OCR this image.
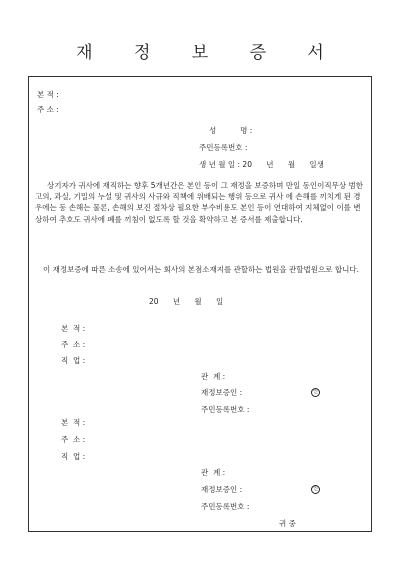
재 정 보 증 서
본 적 :
주 소 :
성          명 :
주민등록번호 :
생 년 월 일 : 20      년      월      일생
상기자가 귀사에 재직하는 향후 5개년간은 본인 등이 그 재정을 보증하며 만일 동인이직무상 범한 고의, 과실, 기밀의 누설 및 귀사의 사규와 직책에 위배되는 행위 등으로 귀사 에 손해를 끼치게 된 경우에는 동 손해는 물론, 손해의 보진 절차상 필요한 부수비용도 본인 등이 연대하여 지체없이 이를 변상하여 추호도 귀사에 폐를 끼침이 없도록 할 것을 확약하고 본 증서를 제출합니다.
이 재정보증에 따른 소송에 있어서는 회사의 본점소재지를 관할하는 법원을 관할법원으로 합니다.
20      년      월      일
본  적 :
주  소 :
직  업 :
관  계 :
재정보증인 :	인
주민등록번호 :
본  적 :
주  소 :
직  업 :
관  계 :
재정보증인 :	인
주민등록번호 :
귀 중
